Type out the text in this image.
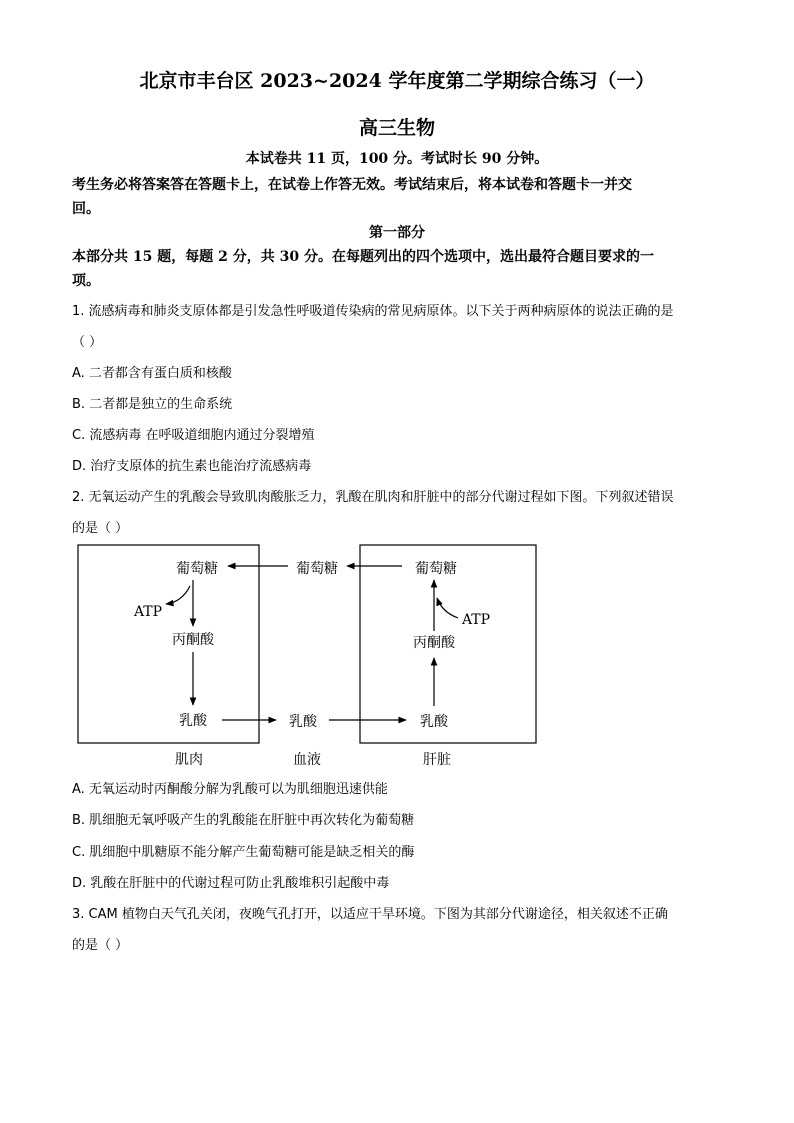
北京市丰台区 2023~2024 学年度第二学期综合练习（一）
高三生物
本试卷共 11 页，100 分。考试时长 90 分钟。
考生务必将答案答在答题卡上，在试卷上作答无效。考试结束后，将本试卷和答题卡一并交
回。
第一部分
本部分共 15 题，每题 2 分，共 30 分。在每题列出的四个选项中，选出最符合题目要求的一
项。
1. 流感病毒和肺炎支原体都是引发急性呼吸道传染病的常见病原体。以下关于两种病原体的说法正确的是
（ ）
A. 二者都含有蛋白质和核酸
B. 二者都是独立的生命系统
C. 流感病毒 在呼吸道细胞内通过分裂增殖
D. 治疗支原体的抗生素也能治疗流感病毒
2. 无氧运动产生的乳酸会导致肌肉酸胀乏力，乳酸在肌肉和肝脏中的部分代谢过程如下图。下列叙述错误
的是（ ）
葡萄糖
ATP
丙酮酸
乳酸
葡萄糖
乳酸
葡萄糖
ATP
丙酮酸
乳酸
肌肉	血液	肝脏
A. 无氧运动时丙酮酸分解为乳酸可以为肌细胞迅速供能
B. 肌细胞无氧呼吸产生的乳酸能在肝脏中再次转化为葡萄糖
C. 肌细胞中肌糖原不能分解产生葡萄糖可能是缺乏相关的酶
D. 乳酸在肝脏中的代谢过程可防止乳酸堆积引起酸中毒
3. CAM 植物白天气孔关闭，夜晚气孔打开，以适应干旱环境。下图为其部分代谢途径，相关叙述不正确
的是（ ）
